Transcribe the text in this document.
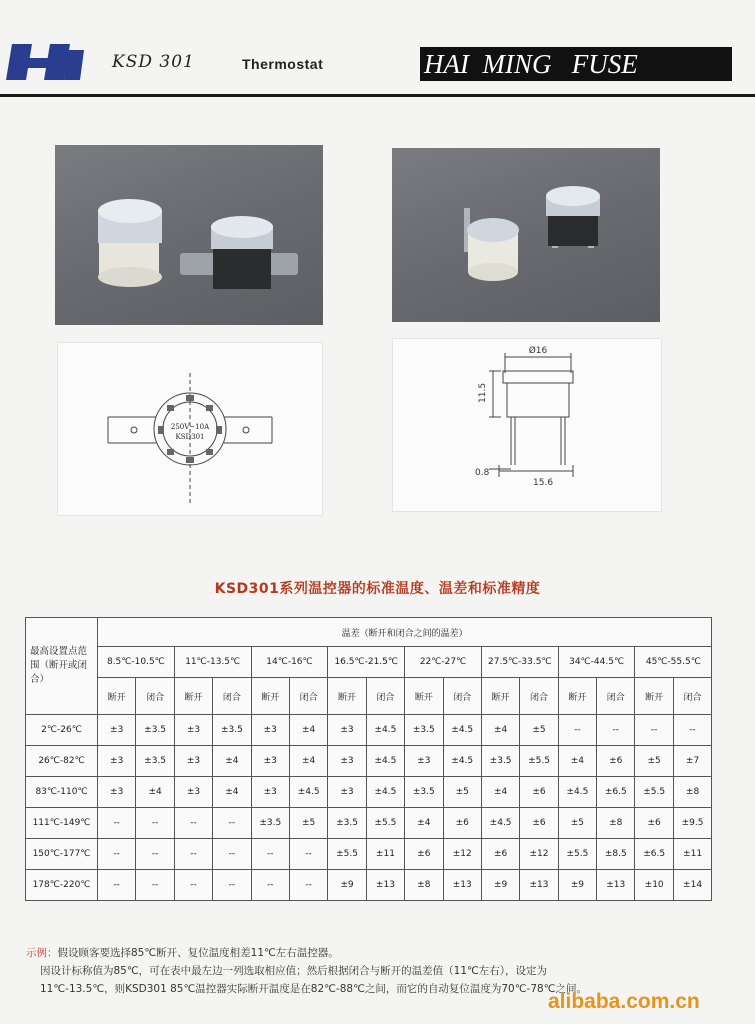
KSD 301	Thermostat	HAI  MING   FUSE
250V~10A
KSD301
Ø16
11.5
0.8
15.6
KSD301系列温控器的标准温度、温差和标准精度
最高设置点范围（断开或闭合）	温差（断开和闭合之间的温差）															
	8.5℃-10.5℃		11℃-13.5℃		14℃-16℃		16.5℃-21.5℃		22℃-27℃		27.5℃-33.5℃		34℃-44.5℃		45℃-55.5℃	
	断开	闭合	断开	闭合	断开	闭合	断开	闭合	断开	闭合	断开	闭合	断开	闭合	断开	闭合
2℃-26℃	±3	±3.5	±3	±3.5	±3	±4	±3	±4.5	±3.5	±4.5	±4	±5	--	--	--	--
26℃-82℃	±3	±3.5	±3	±4	±3	±4	±3	±4.5	±3	±4.5	±3.5	±5.5	±4	±6	±5	±7
83℃-110℃	±3	±4	±3	±4	±3	±4.5	±3	±4.5	±3.5	±5	±4	±6	±4.5	±6.5	±5.5	±8
111℃-149℃	--	--	--	--	±3.5	±5	±3.5	±5.5	±4	±6	±4.5	±6	±5	±8	±6	±9.5
150℃-177℃	--	--	--	--	--	--	±5.5	±11	±6	±12	±6	±12	±5.5	±8.5	±6.5	±11
178℃-220℃	--	--	--	--	--	--	±9	±13	±8	±13	±9	±13	±9	±13	±10	±14
示例：假设顾客要选择85℃断开、复位温度相差11℃左右温控器。
因设计标称值为85℃，可在表中最左边一列选取相应值；然后根据闭合与断开的温差值（11℃左右），设定为
11℃-13.5℃，则KSD301 85℃温控器实际断开温度是在82℃-88℃之间，而它的自动复位温度为70℃-78℃之间。
alibaba.com.cn
